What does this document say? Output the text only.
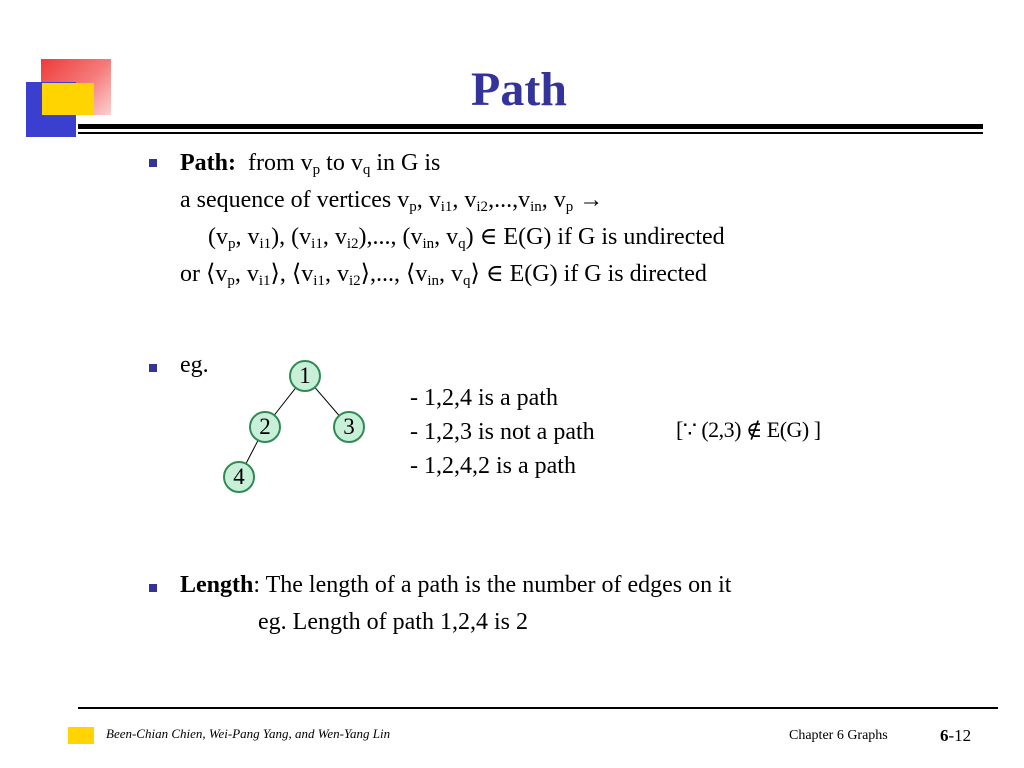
Path
Path:  from $v_p$ to $v_q$ in G is
a sequence of vertices $v_p$, $v_{i1}$, $v_{i2},...,v_{in}$, $v_p$ →
($v_p$, $v_{i1}$), ($v_{i1}$, $v_{i2}$),..., ($v_{in}$, $v_q$) ∈ E(G) if G is undirected
or $⟨v_p$, $v_{i1}⟩$, $⟨v_{i1}$, $v_{i2}⟩$,..., $⟨v_{in}$, $v_q⟩$ ∈ E(G) if G is directed
eg.	1
2	3
4
- 1,2,4 is a path
- 1,2,3 is not a path
- 1,2,4,2 is a path
[∵ (2,3) ∉ E(G) ]
Length: The length of a path is the number of edges on it
eg. Length of path 1,2,4 is 2
Been-Chian Chien, Wei-Pang Yang, and Wen-Yang Lin	Chapter 6 Graphs	6-12
